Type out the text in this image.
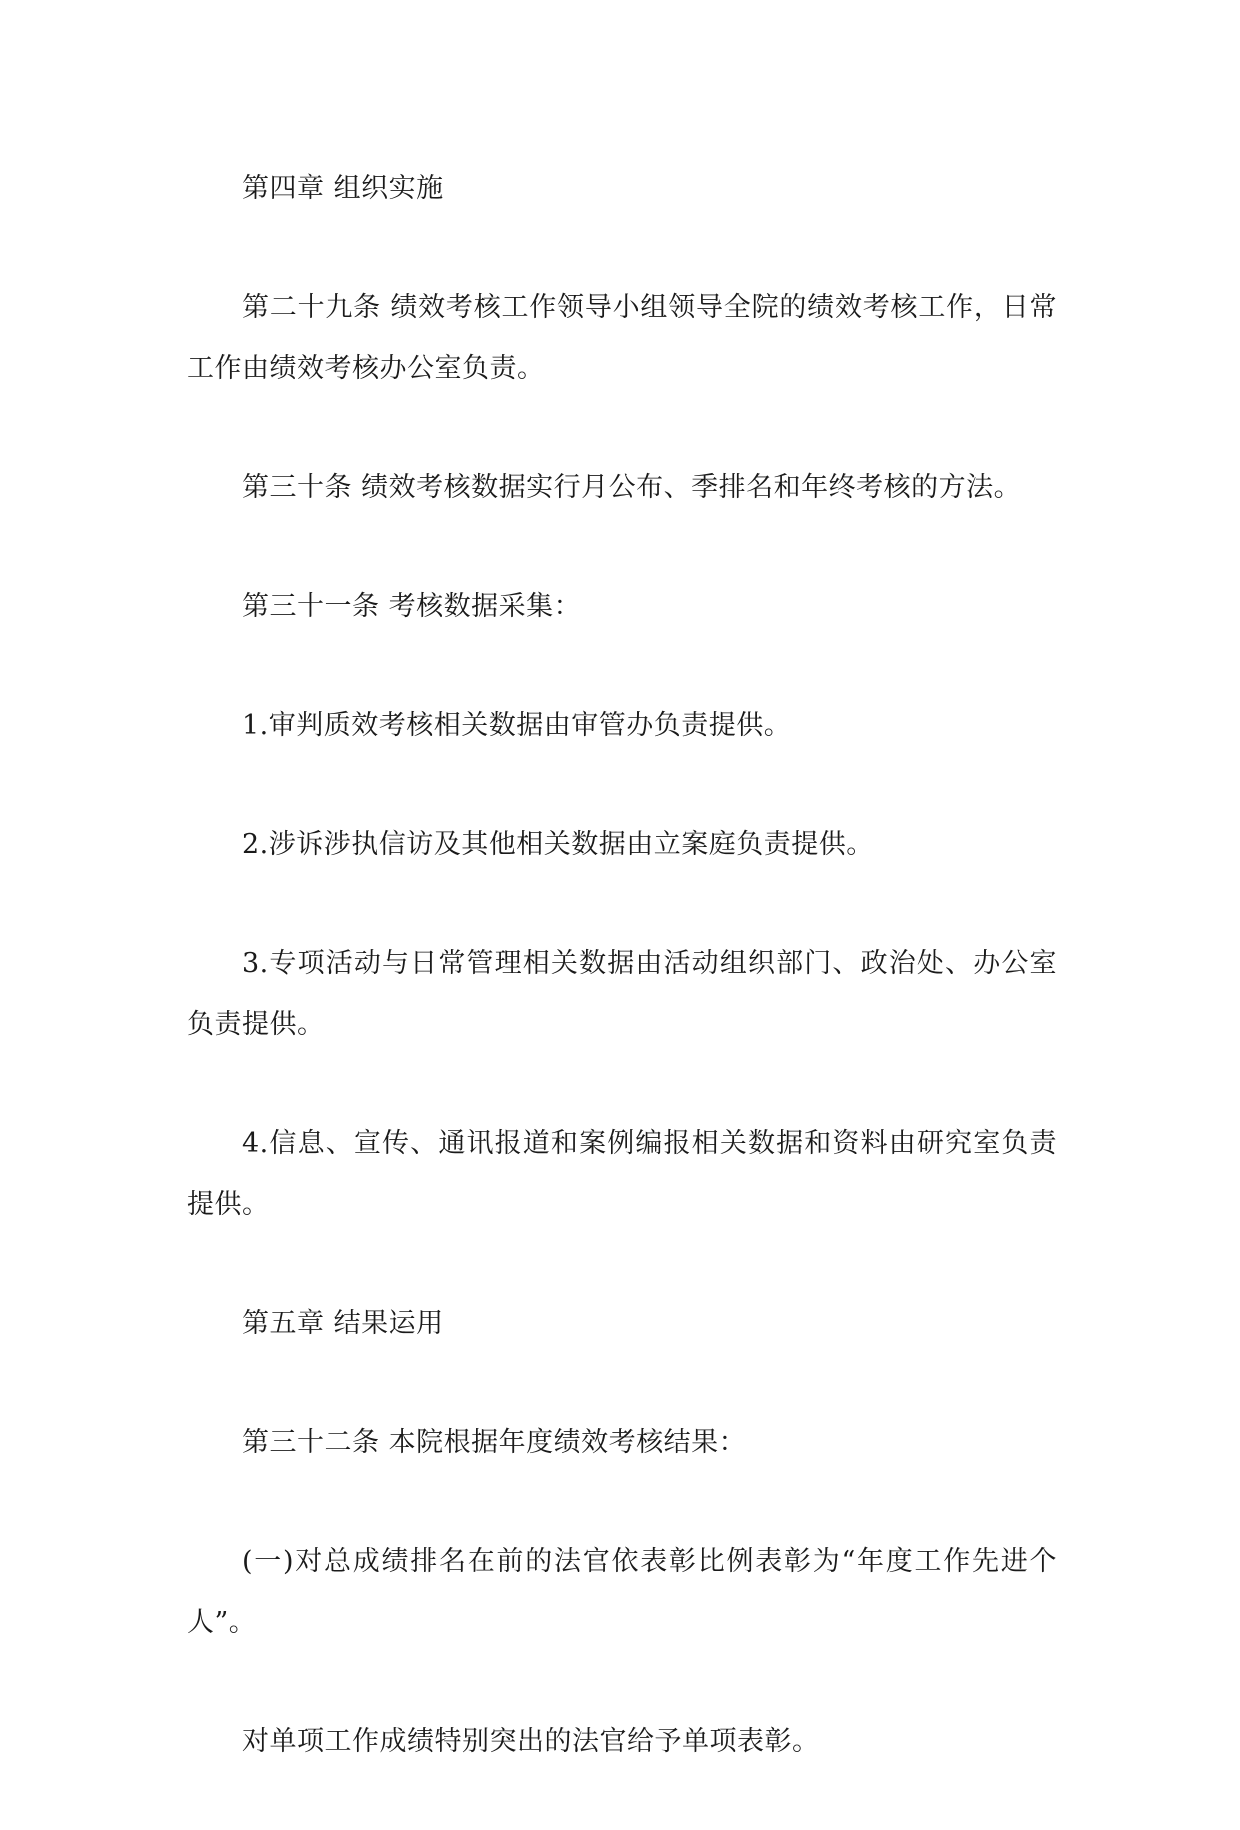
第四章 组织实施

第二十九条 绩效考核工作领导小组领导全院的绩效考核工作，日常工作由绩效考核办公室负责。

第三十条 绩效考核数据实行月公布、季排名和年终考核的方法。

第三十一条 考核数据采集：

1.审判质效考核相关数据由审管办负责提供。

2.涉诉涉执信访及其他相关数据由立案庭负责提供。

3.专项活动与日常管理相关数据由活动组织部门、政治处、办公室负责提供。

4.信息、宣传、通讯报道和案例编报相关数据和资料由研究室负责提供。

第五章 结果运用

第三十二条 本院根据年度绩效考核结果：

(一)对总成绩排名在前的法官依表彰比例表彰为“年度工作先进个人”。

对单项工作成绩特别突出的法官给予单项表彰。
